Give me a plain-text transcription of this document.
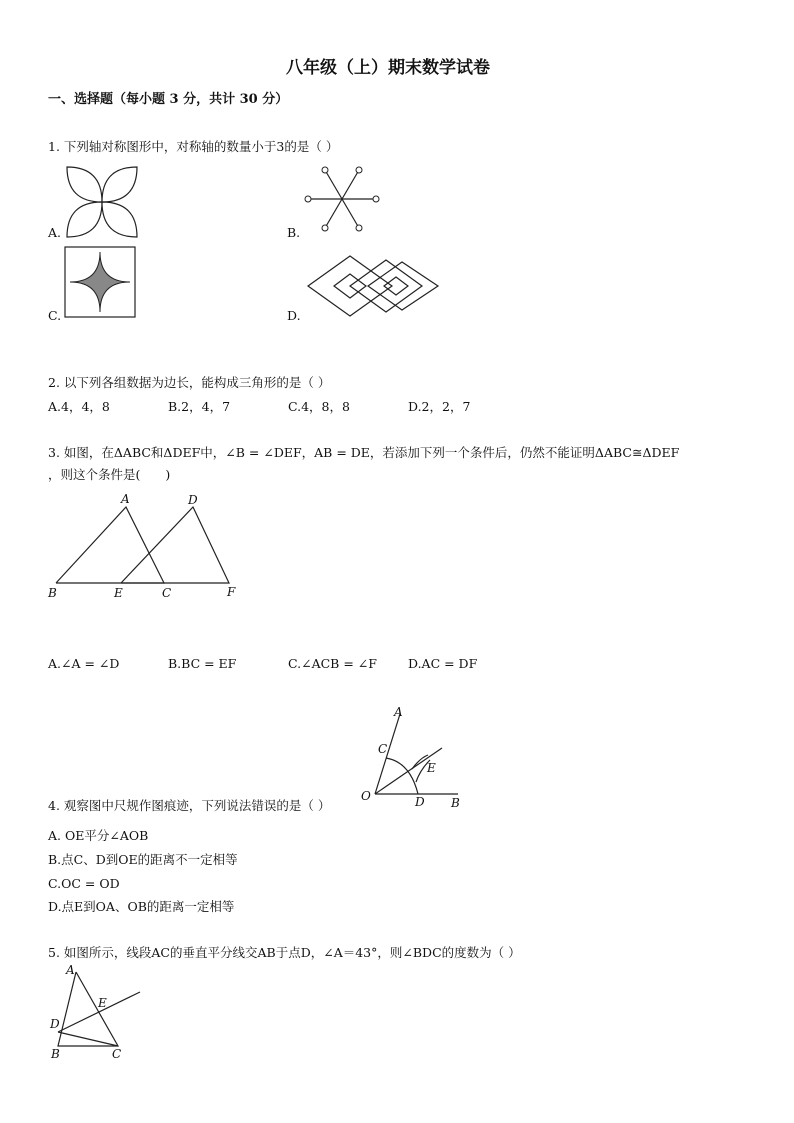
八年级（上）期末数学试卷
一、选择题（每小题 3 分，共计 30 分）
1. 下列轴对称图形中，对称轴的数量小于3的是（ ）
A.	B.
C.	D.
2. 以下列各组数据为边长，能构成三角形的是（ ）
A.4，4，8	B.2，4，7	C.4，8，8	D.2，2，7
3. 如图，在ΔABC和ΔDEF中，∠B = ∠DEF，AB = DE，若添加下列一个条件后，仍然不能证明ΔABC≅ΔDEF
，则这个条件是(　　)
A	D
B	E	C	F
A.∠A = ∠D	B.BC = EF	C.∠ACB = ∠F D.AC = DF
A
C
E
O	D B
4. 观察图中尺规作图痕迹，下列说法错误的是（ ）
A. OE平分∠AOB
B.点C、D到OE的距离不一定相等
C.OC = OD
D.点E到OA、OB的距离一定相等
5. 如图所示，线段AC的垂直平分线交AB于点D，∠A＝43°，则∠BDC的度数为（ ）
A
E
D
B	C
